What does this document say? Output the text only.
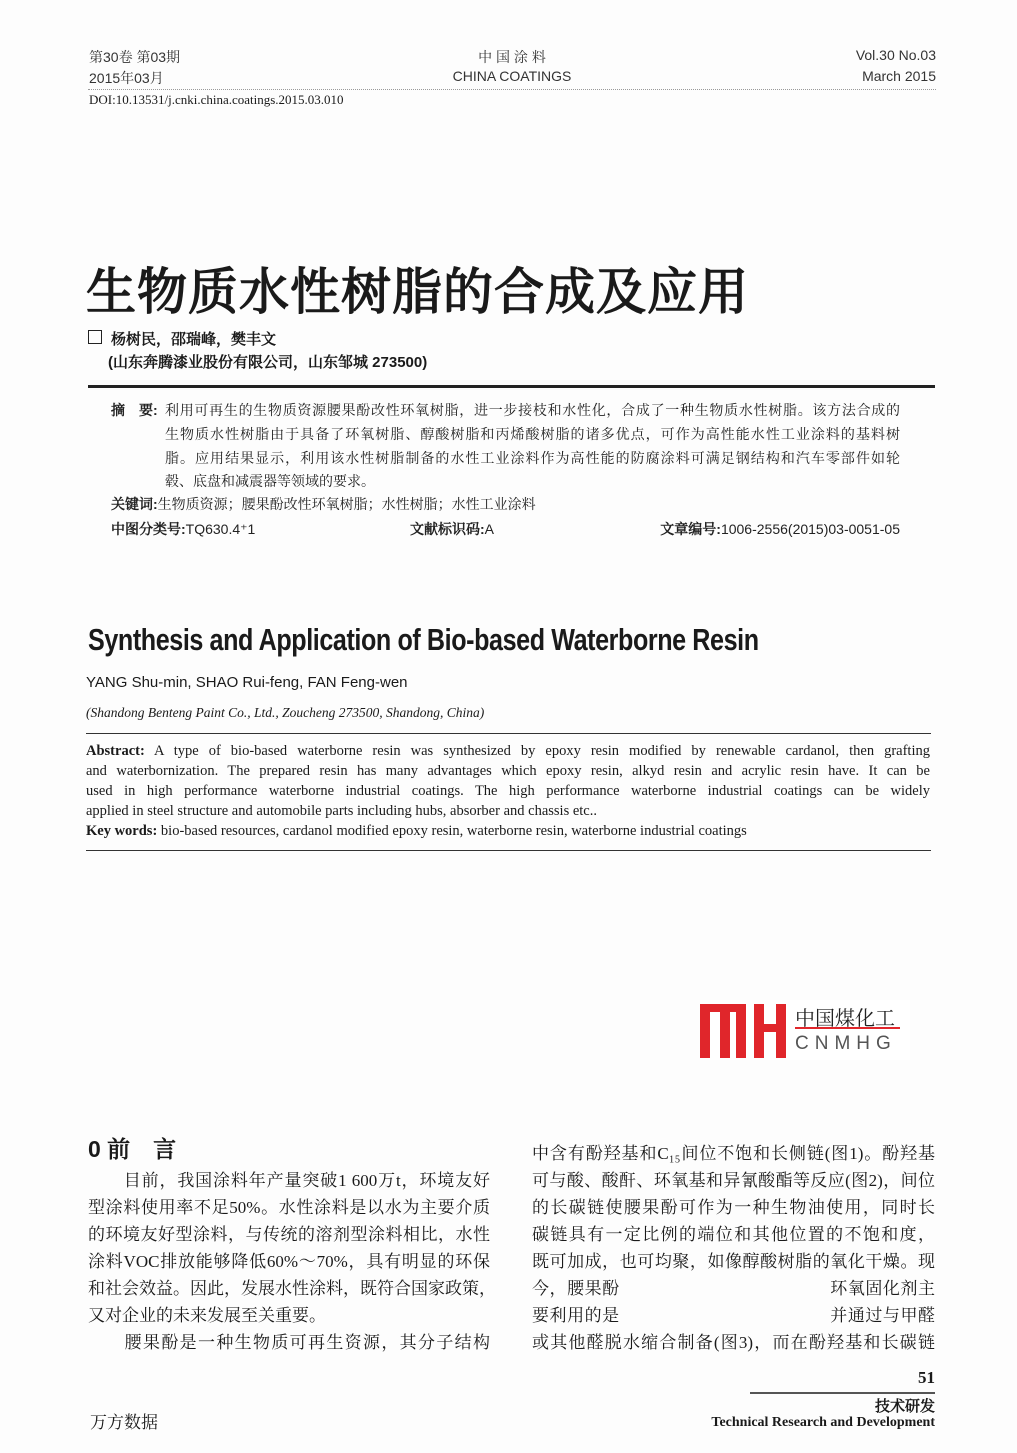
第30卷 第03期
2015年03月
中 国 涂 料
CHINA COATINGS
Vol.30 No.03
March 2015
DOI:10.13531/j.cnki.china.coatings.2015.03.010
生物质水性树脂的合成及应用
杨树民，邵瑞峰，樊丰文
(山东奔腾漆业股份有限公司，山东邹城 273500)
摘　要: 利用可再生的生物质资源腰果酚改性环氧树脂，进一步接枝和水性化，合成了一种生物质水性树脂。该方法合成的
生物质水性树脂由于具备了环氧树脂、醇酸树脂和丙烯酸树脂的诸多优点，可作为高性能水性工业涂料的基料树
脂。应用结果显示，利用该水性树脂制备的水性工业涂料作为高性能的防腐涂料可满足钢结构和汽车零部件如轮
毂、底盘和减震器等领域的要求。
关键词:生物质资源；腰果酚改性环氧树脂；水性树脂；水性工业涂料
中图分类号:TQ630.4⁺1	文献标识码:A	文章编号:1006-2556(2015)03-0051-05
Synthesis and Application of Bio-based Waterborne Resin
YANG Shu-min, SHAO Rui-feng, FAN Feng-wen
(Shandong Benteng Paint Co., Ltd., Zoucheng 273500, Shandong, China)
Abstract: A type of bio-based waterborne resin was synthesized by epoxy resin modified by renewable cardanol, then grafting
and waterbornization. The prepared resin has many advantages which epoxy resin, alkyd resin and acrylic resin have. It can be
used in high performance waterborne industrial coatings. The high performance waterborne industrial coatings can be widely
applied in steel structure and automobile parts including hubs, absorber and chassis etc..
Key words: bio-based resources, cardanol modified epoxy resin, waterborne resin, waterborne industrial coatings
中国煤化工
CNMHG
0 前　言
　　目前，我国涂料年产量突破1 600万t，环境友好
型涂料使用率不足50%。水性涂料是以水为主要介质
的环境友好型涂料，与传统的溶剂型涂料相比，水性
涂料VOC排放能够降低60%～70%，具有明显的环保
和社会效益。因此，发展水性涂料，既符合国家政策，
又对企业的未来发展至关重要。
　　腰果酚是一种生物质可再生资源，其分子结构
中含有酚羟基和C₁₅间位不饱和长侧链(图1)。酚羟基
可与酸、酸酐、环氧基和异氰酸酯等反应(图2)，间位
的长碳链使腰果酚可作为一种生物油使用，同时长
碳链具有一定比例的端位和其他位置的不饱和度，
既可加成，也可均聚，如像醇酸树脂的氧化干燥。现
今，腰果酚　　　　　　　　　　　　环氧固化剂主
要利用的是　　　　　　　　　　　　并通过与甲醛
或其他醛脱水缩合制备(图3)，而在酚羟基和长碳链
51
技术研发
Technical Research and Development
万方数据
